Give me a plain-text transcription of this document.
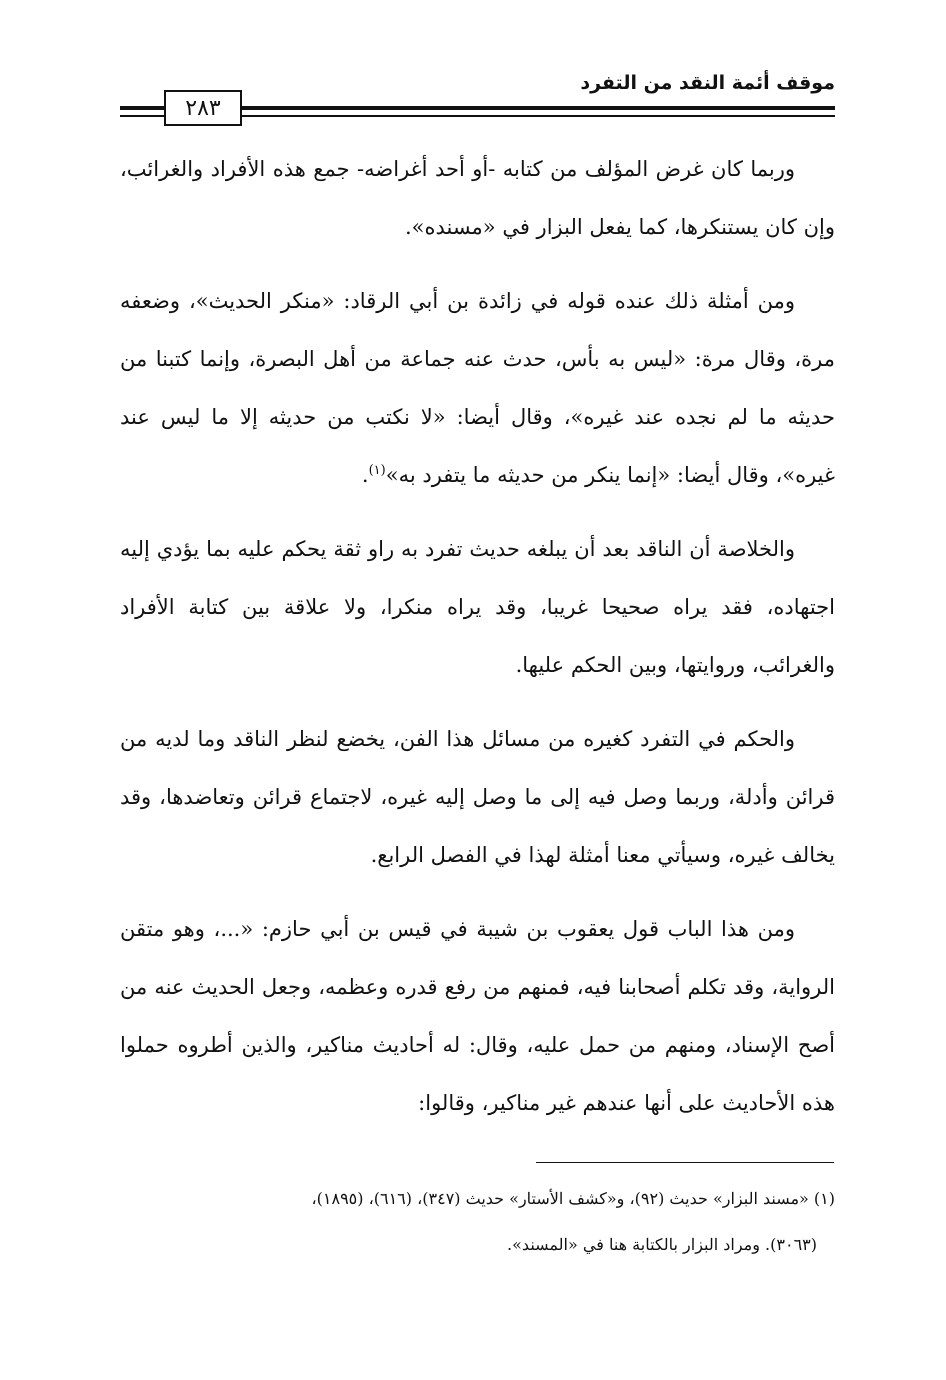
موقف أئمة النقد من التفرد
٢٨٣

وربما كان غرض المؤلف من كتابه -أو أحد أغراضه- جمع هذه الأفراد والغرائب، وإن كان يستنكرها، كما يفعل البزار في «مسنده».

ومن أمثلة ذلك عنده قوله في زائدة بن أبي الرقاد: «منكر الحديث»، وضعفه مرة، وقال مرة: «ليس به بأس، حدث عنه جماعة من أهل البصرة، وإنما كتبنا من حديثه ما لم نجده عند غيره»، وقال أيضا: «لا نكتب من حديثه إلا ما ليس عند غيره»، وقال أيضا: «إنما ينكر من حديثه ما يتفرد به»$^{(١)}$.

والخلاصة أن الناقد بعد أن يبلغه حديث تفرد به راو ثقة يحكم عليه بما يؤدي إليه اجتهاده، فقد يراه صحيحا غريبا، وقد يراه منكرا، ولا علاقة بين كتابة الأفراد والغرائب، وروايتها، وبين الحكم عليها.

والحكم في التفرد كغيره من مسائل هذا الفن، يخضع لنظر الناقد وما لديه من قرائن وأدلة، وربما وصل فيه إلى ما وصل إليه غيره، لاجتماع قرائن وتعاضدها، وقد يخالف غيره، وسيأتي معنا أمثلة لهذا في الفصل الرابع.

ومن هذا الباب قول يعقوب بن شيبة في قيس بن أبي حازم: «...، وهو متقن الرواية، وقد تكلم أصحابنا فيه، فمنهم من رفع قدره وعظمه، وجعل الحديث عنه من أصح الإسناد، ومنهم من حمل عليه، وقال: له أحاديث مناكير، والذين أطروه حملوا هذه الأحاديث على أنها عندهم غير مناكير، وقالوا:

(١) «مسند البزار» حديث (٩٢)، و«كشف الأستار» حديث (٣٤٧)، (٦١٦)، (١٨٩٥)،

(٣٠٦٣). ومراد البزار بالكتابة هنا في «المسند».
